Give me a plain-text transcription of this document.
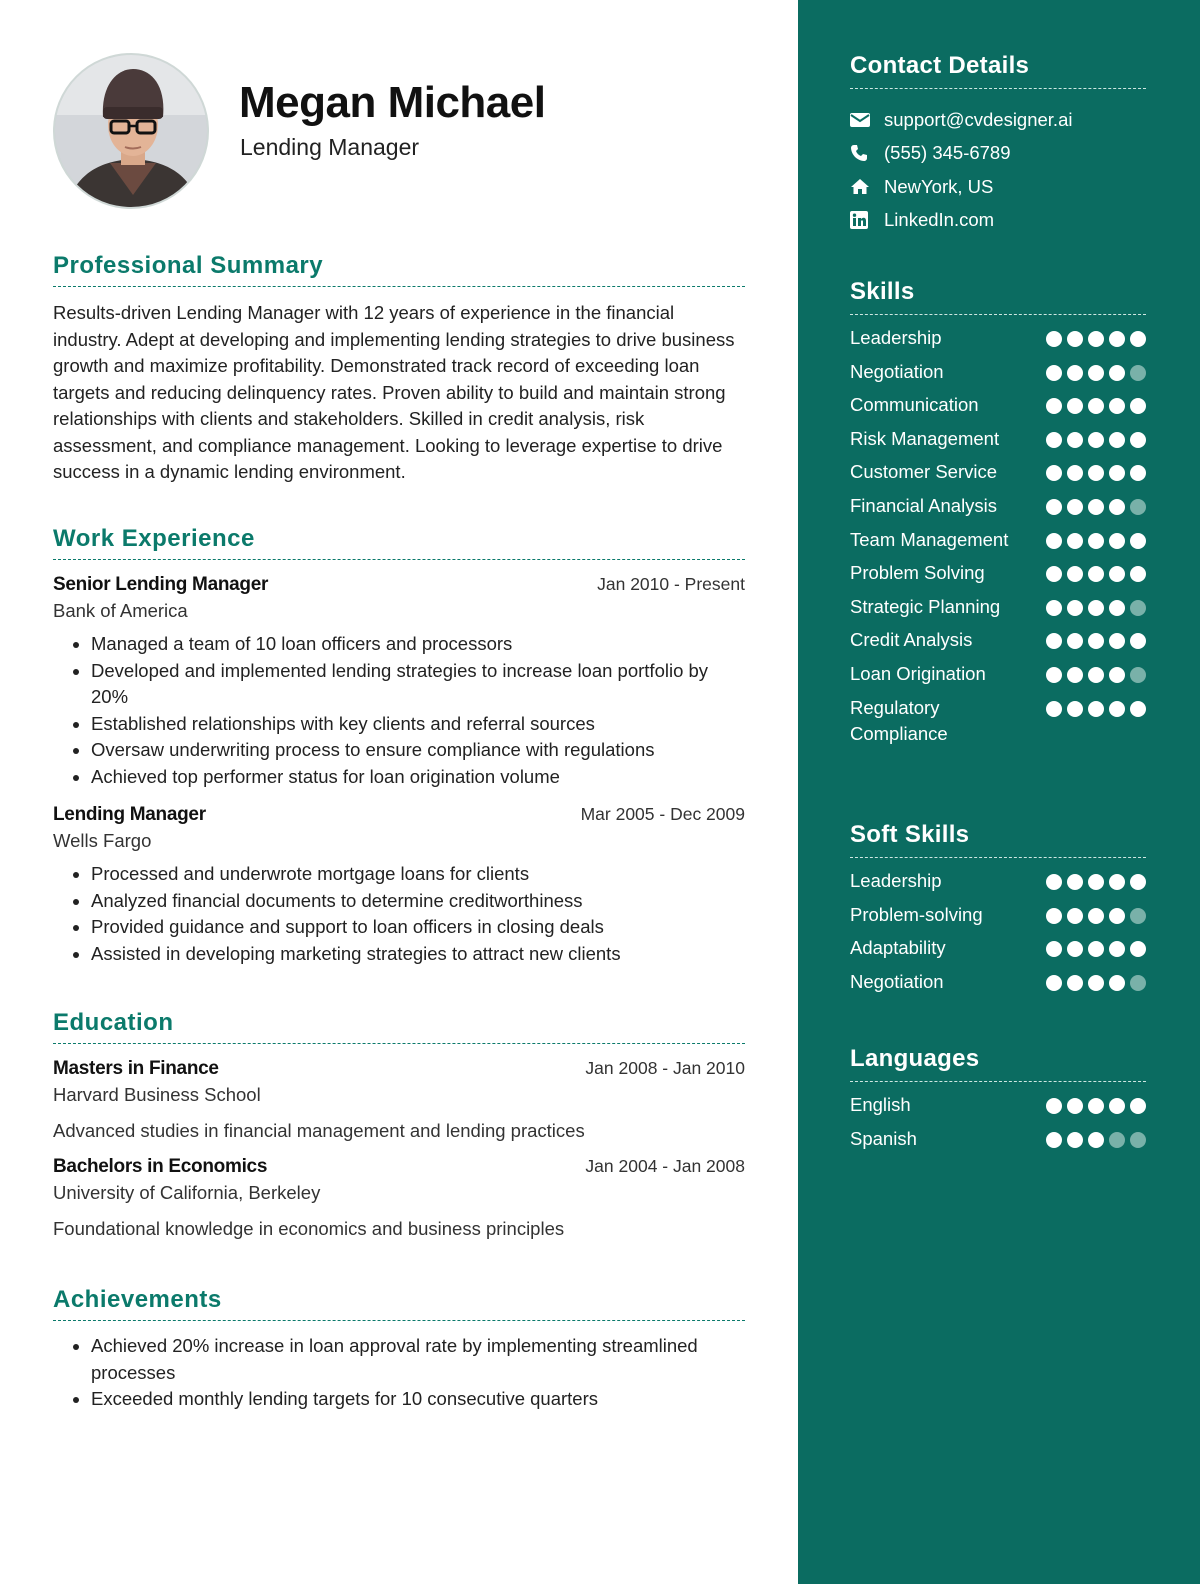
Megan Michael
Lending Manager
Professional Summary
Results-driven Lending Manager with 12 years of experience in the financial industry. Adept at developing and implementing lending strategies to drive business growth and maximize profitability. Demonstrated track record of exceeding loan targets and reducing delinquency rates. Proven ability to build and maintain strong relationships with clients and stakeholders. Skilled in credit analysis, risk assessment, and compliance management. Looking to leverage expertise to drive success in a dynamic lending environment.
Work Experience
Senior Lending Manager	Jan 2010 - Present
Bank of America
• Managed a team of 10 loan officers and processors
• Developed and implemented lending strategies to increase loan portfolio by 20%
• Established relationships with key clients and referral sources
• Oversaw underwriting process to ensure compliance with regulations
• Achieved top performer status for loan origination volume
Lending Manager	Mar 2005 - Dec 2009
Wells Fargo
• Processed and underwrote mortgage loans for clients
• Analyzed financial documents to determine creditworthiness
• Provided guidance and support to loan officers in closing deals
• Assisted in developing marketing strategies to attract new clients
Education
Masters in Finance	Jan 2008 - Jan 2010
Harvard Business School
Advanced studies in financial management and lending practices
Bachelors in Economics	Jan 2004 - Jan 2008
University of California, Berkeley
Foundational knowledge in economics and business principles
Achievements
• Achieved 20% increase in loan approval rate by implementing streamlined processes
• Exceeded monthly lending targets for 10 consecutive quarters
Contact Details
support@cvdesigner.ai
(555) 345-6789
NewYork, US
LinkedIn.com
Skills
Leadership
Negotiation
Communication
Risk Management
Customer Service
Financial Analysis
Team Management
Problem Solving
Strategic Planning
Credit Analysis
Loan Origination
Regulatory Compliance
Soft Skills
Leadership
Problem-solving
Adaptability
Negotiation
Languages
English
Spanish
